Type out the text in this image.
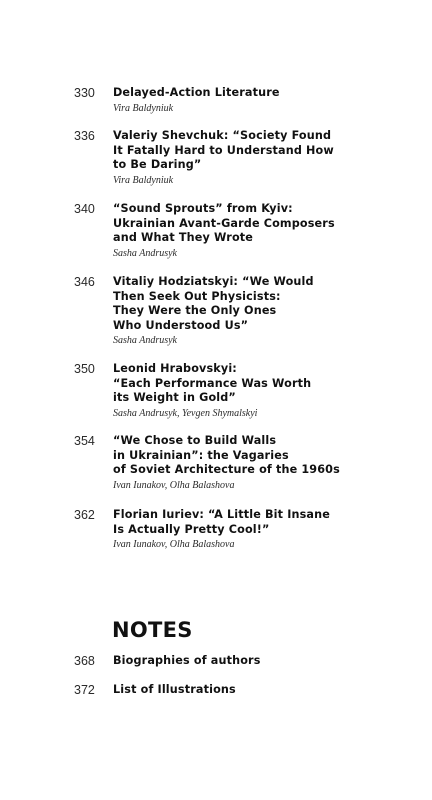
330 Delayed-Action Literature
Vira Baldyniuk
336 Valeriy Shevchuk: “Society Found
It Fatally Hard to Understand How
to Be Daring”
Vira Baldyniuk
340 “Sound Sprouts” from Kyiv:
Ukrainian Avant-Garde Composers
and What They Wrote
Sasha Andrusyk
346 Vitaliy Hodziatskyi: “We Would
Then Seek Out Physicists:
They Were the Only Ones
Who Understood Us”
Sasha Andrusyk
350 Leonid Hrabovskyi:
“Each Performance Was Worth
its Weight in Gold”
Sasha Andrusyk, Yevgen Shymalskyi
354 “We Chose to Build Walls
in Ukrainian”: the Vagaries
of Soviet Architecture of the 1960s
Ivan Iunakov, Olha Balashova
362 Florian Iuriev: “A Little Bit Insane
Is Actually Pretty Cool!”
Ivan Iunakov, Olha Balashova
NOTES
368 Biographies of authors
372 List of Illustrations
